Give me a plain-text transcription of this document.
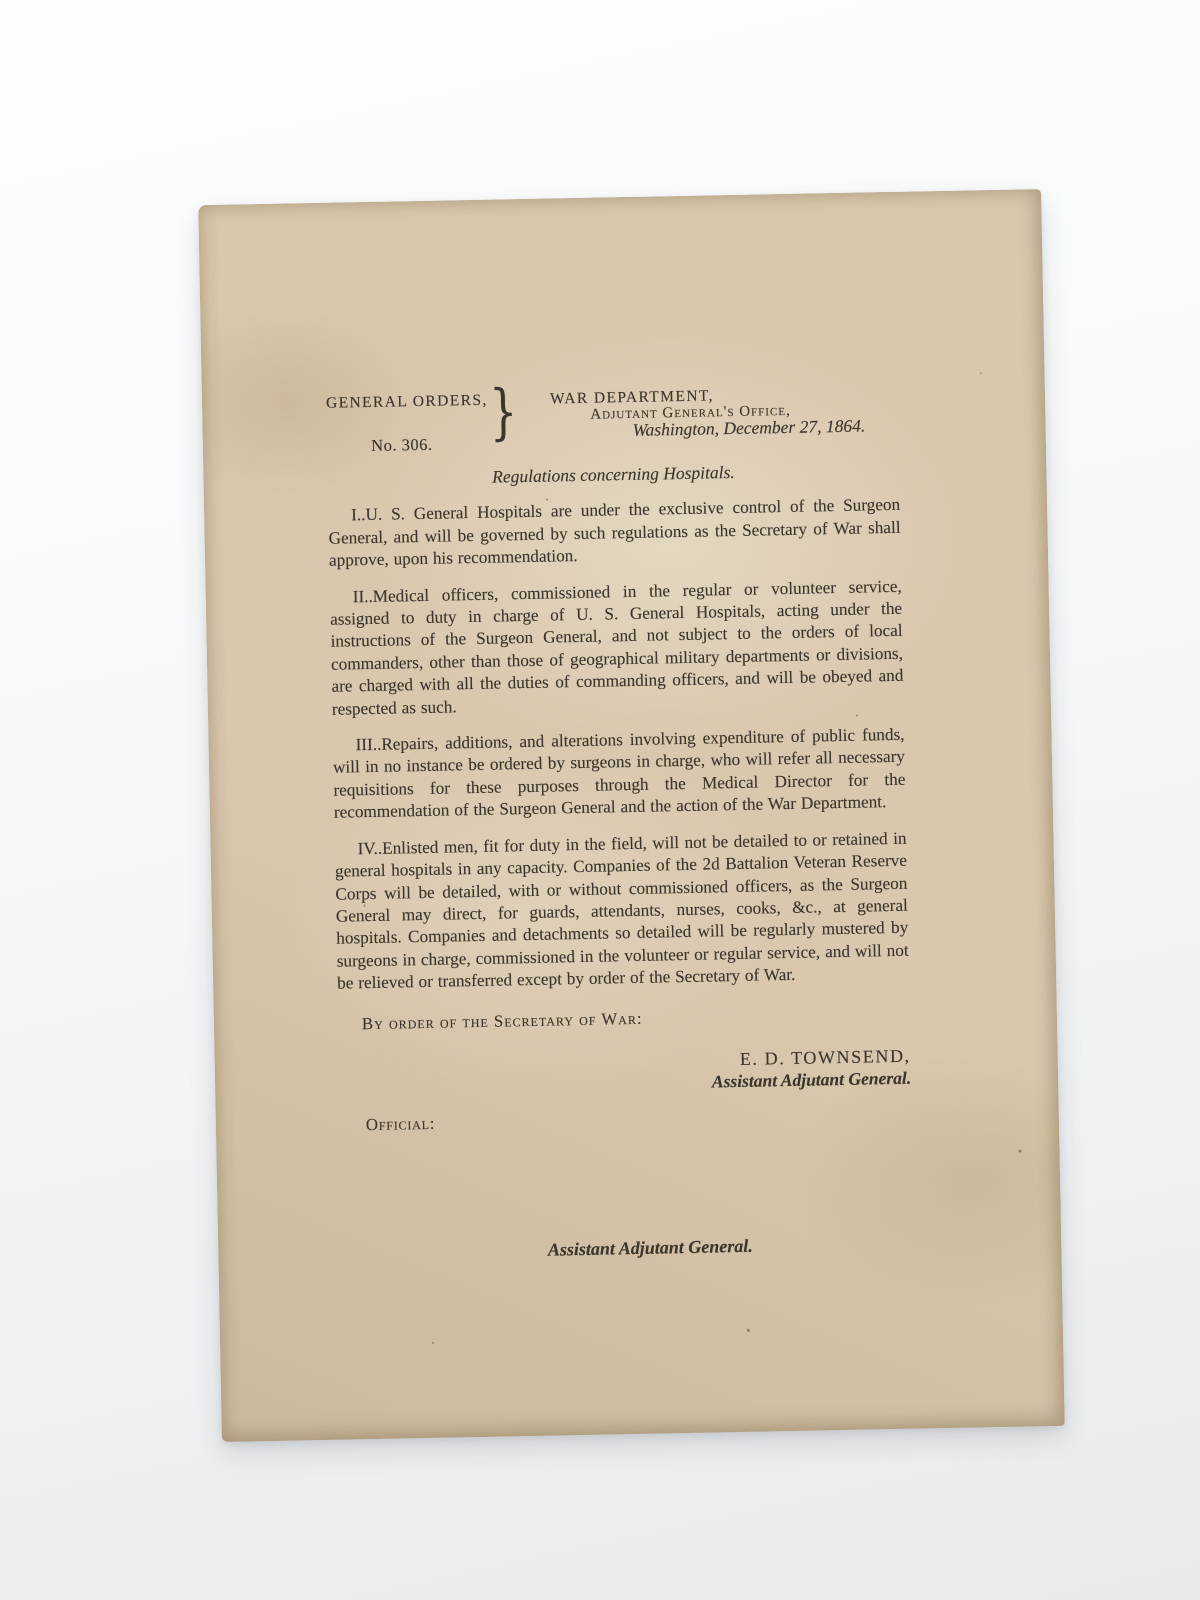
GENERAL ORDERS,
No. 306. } WAR DEPARTMENT,
Adjutant General's Office,
Washington, December 27, 1864.
Regulations concerning Hospitals.

I..U. S. General Hospitals are under the exclusive control of the Surgeon General, and will be governed by such regulations as the Secretary of War shall approve, upon his recommendation.

II..Medical officers, commissioned in the regular or volunteer service, assigned to duty in charge of U. S. General Hospitals, acting under the instructions of the Surgeon General, and not subject to the orders of local commanders, other than those of geographical military departments or divisions, are charged with all the duties of commanding officers, and will be obeyed and respected as such.

III..Repairs, additions, and alterations involving expenditure of public funds, will in no instance be ordered by surgeons in charge, who will refer all necessary requisitions for these purposes through the Medical Director for the recommendation of the Surgeon General and the action of the War Department.

IV..Enlisted men, fit for duty in the field, will not be detailed to or retained in general hospitals in any capacity. Companies of the 2d Battalion Veteran Reserve Corps will be detailed, with or without commissioned officers, as the Surgeon General may direct, for guards, attendants, nurses, cooks, &c., at general hospitals. Companies and detachments so detailed will be regularly mustered by surgeons in charge, commissioned in the volunteer or regular service, and will not be relieved or transferred except by order of the Secretary of War.

By order of the Secretary of War:
E. D. TOWNSEND,
Assistant Adjutant General.
Official:
Assistant Adjutant General.
